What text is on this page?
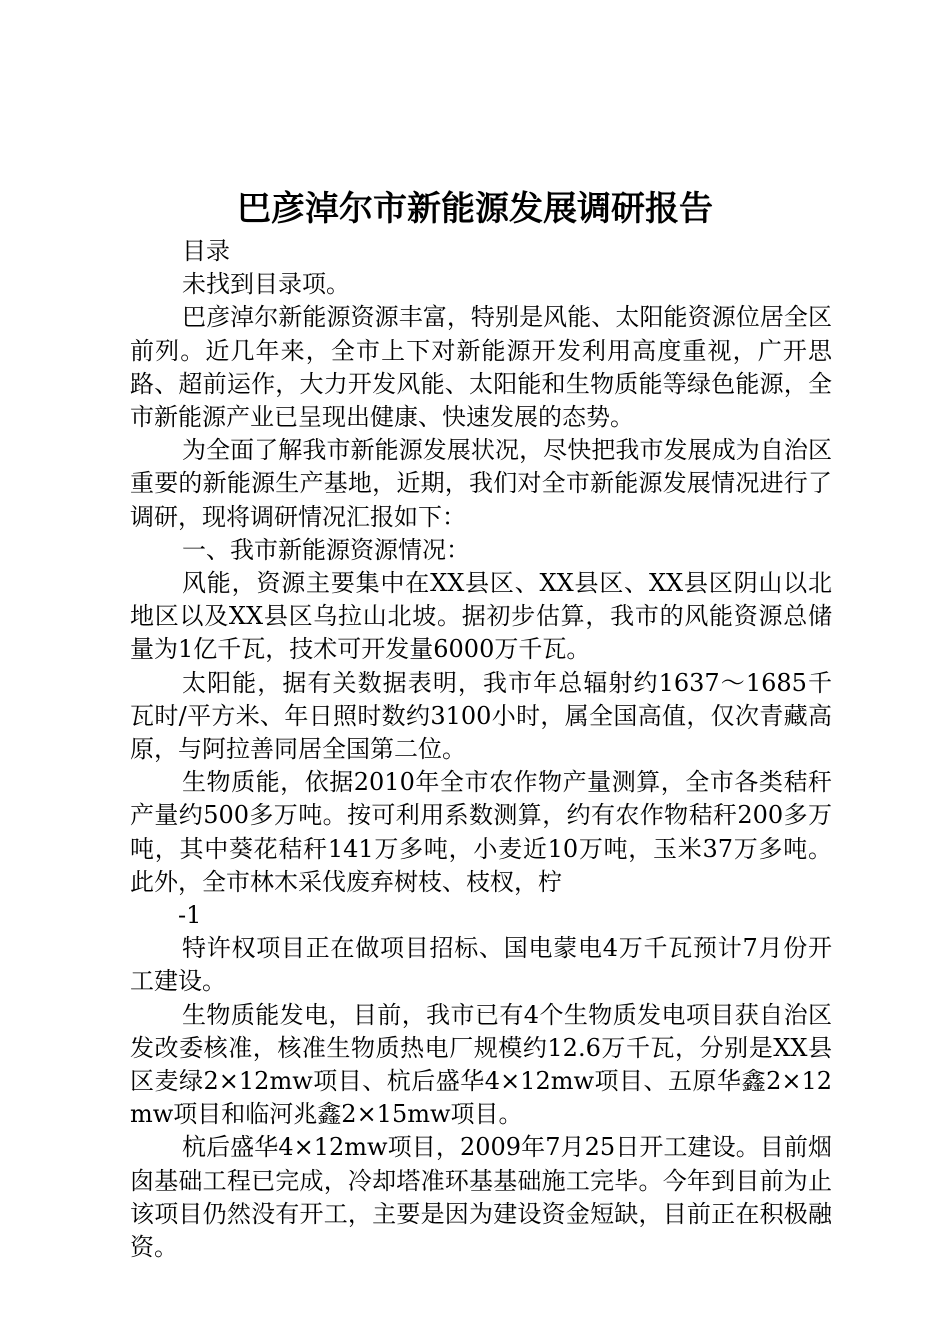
巴彦淖尔市新能源发展调研报告

目录

未找到目录项。

巴彦淖尔新能源资源丰富，特别是风能、太阳能资源位居全区前列。近几年来，全市上下对新能源开发利用高度重视，广开思路、超前运作，大力开发风能、太阳能和生物质能等绿色能源，全市新能源产业已呈现出健康、快速发展的态势。

为全面了解我市新能源发展状况，尽快把我市发展成为自治区重要的新能源生产基地，近期，我们对全市新能源发展情况进行了调研，现将调研情况汇报如下：

一、我市新能源资源情况：

风能，资源主要集中在XX县区、XX县区、XX县区阴山以北地区以及XX县区乌拉山北坡。据初步估算，我市的风能资源总储量为1亿千瓦，技术可开发量6000万千瓦。

太阳能，据有关数据表明，我市年总辐射约1637～1685千瓦时/平方米、年日照时数约3100小时，属全国高值，仅次青藏高原，与阿拉善同居全国第二位。

生物质能，依据2010年全市农作物产量测算，全市各类秸秆产量约500多万吨。按可利用系数测算，约有农作物秸秆200多万吨，其中葵花秸秆141万多吨，小麦近10万吨，玉米37万多吨。此外，全市林木采伐废弃树枝、枝杈，柠

-1

特许权项目正在做项目招标、国电蒙电4万千瓦预计7月份开工建设。

生物质能发电，目前，我市已有4个生物质发电项目获自治区发改委核准，核准生物质热电厂规模约12.6万千瓦，分别是XX县区麦绿2×12mw项目、杭后盛华4×12mw项目、五原华鑫2×12mw项目和临河兆鑫2×15mw项目。

杭后盛华4×12mw项目，2009年7月25日开工建设。目前烟囱基础工程已完成，冷却塔准环基基础施工完毕。今年到目前为止该项目仍然没有开工，主要是因为建设资金短缺，目前正在积极融资。
